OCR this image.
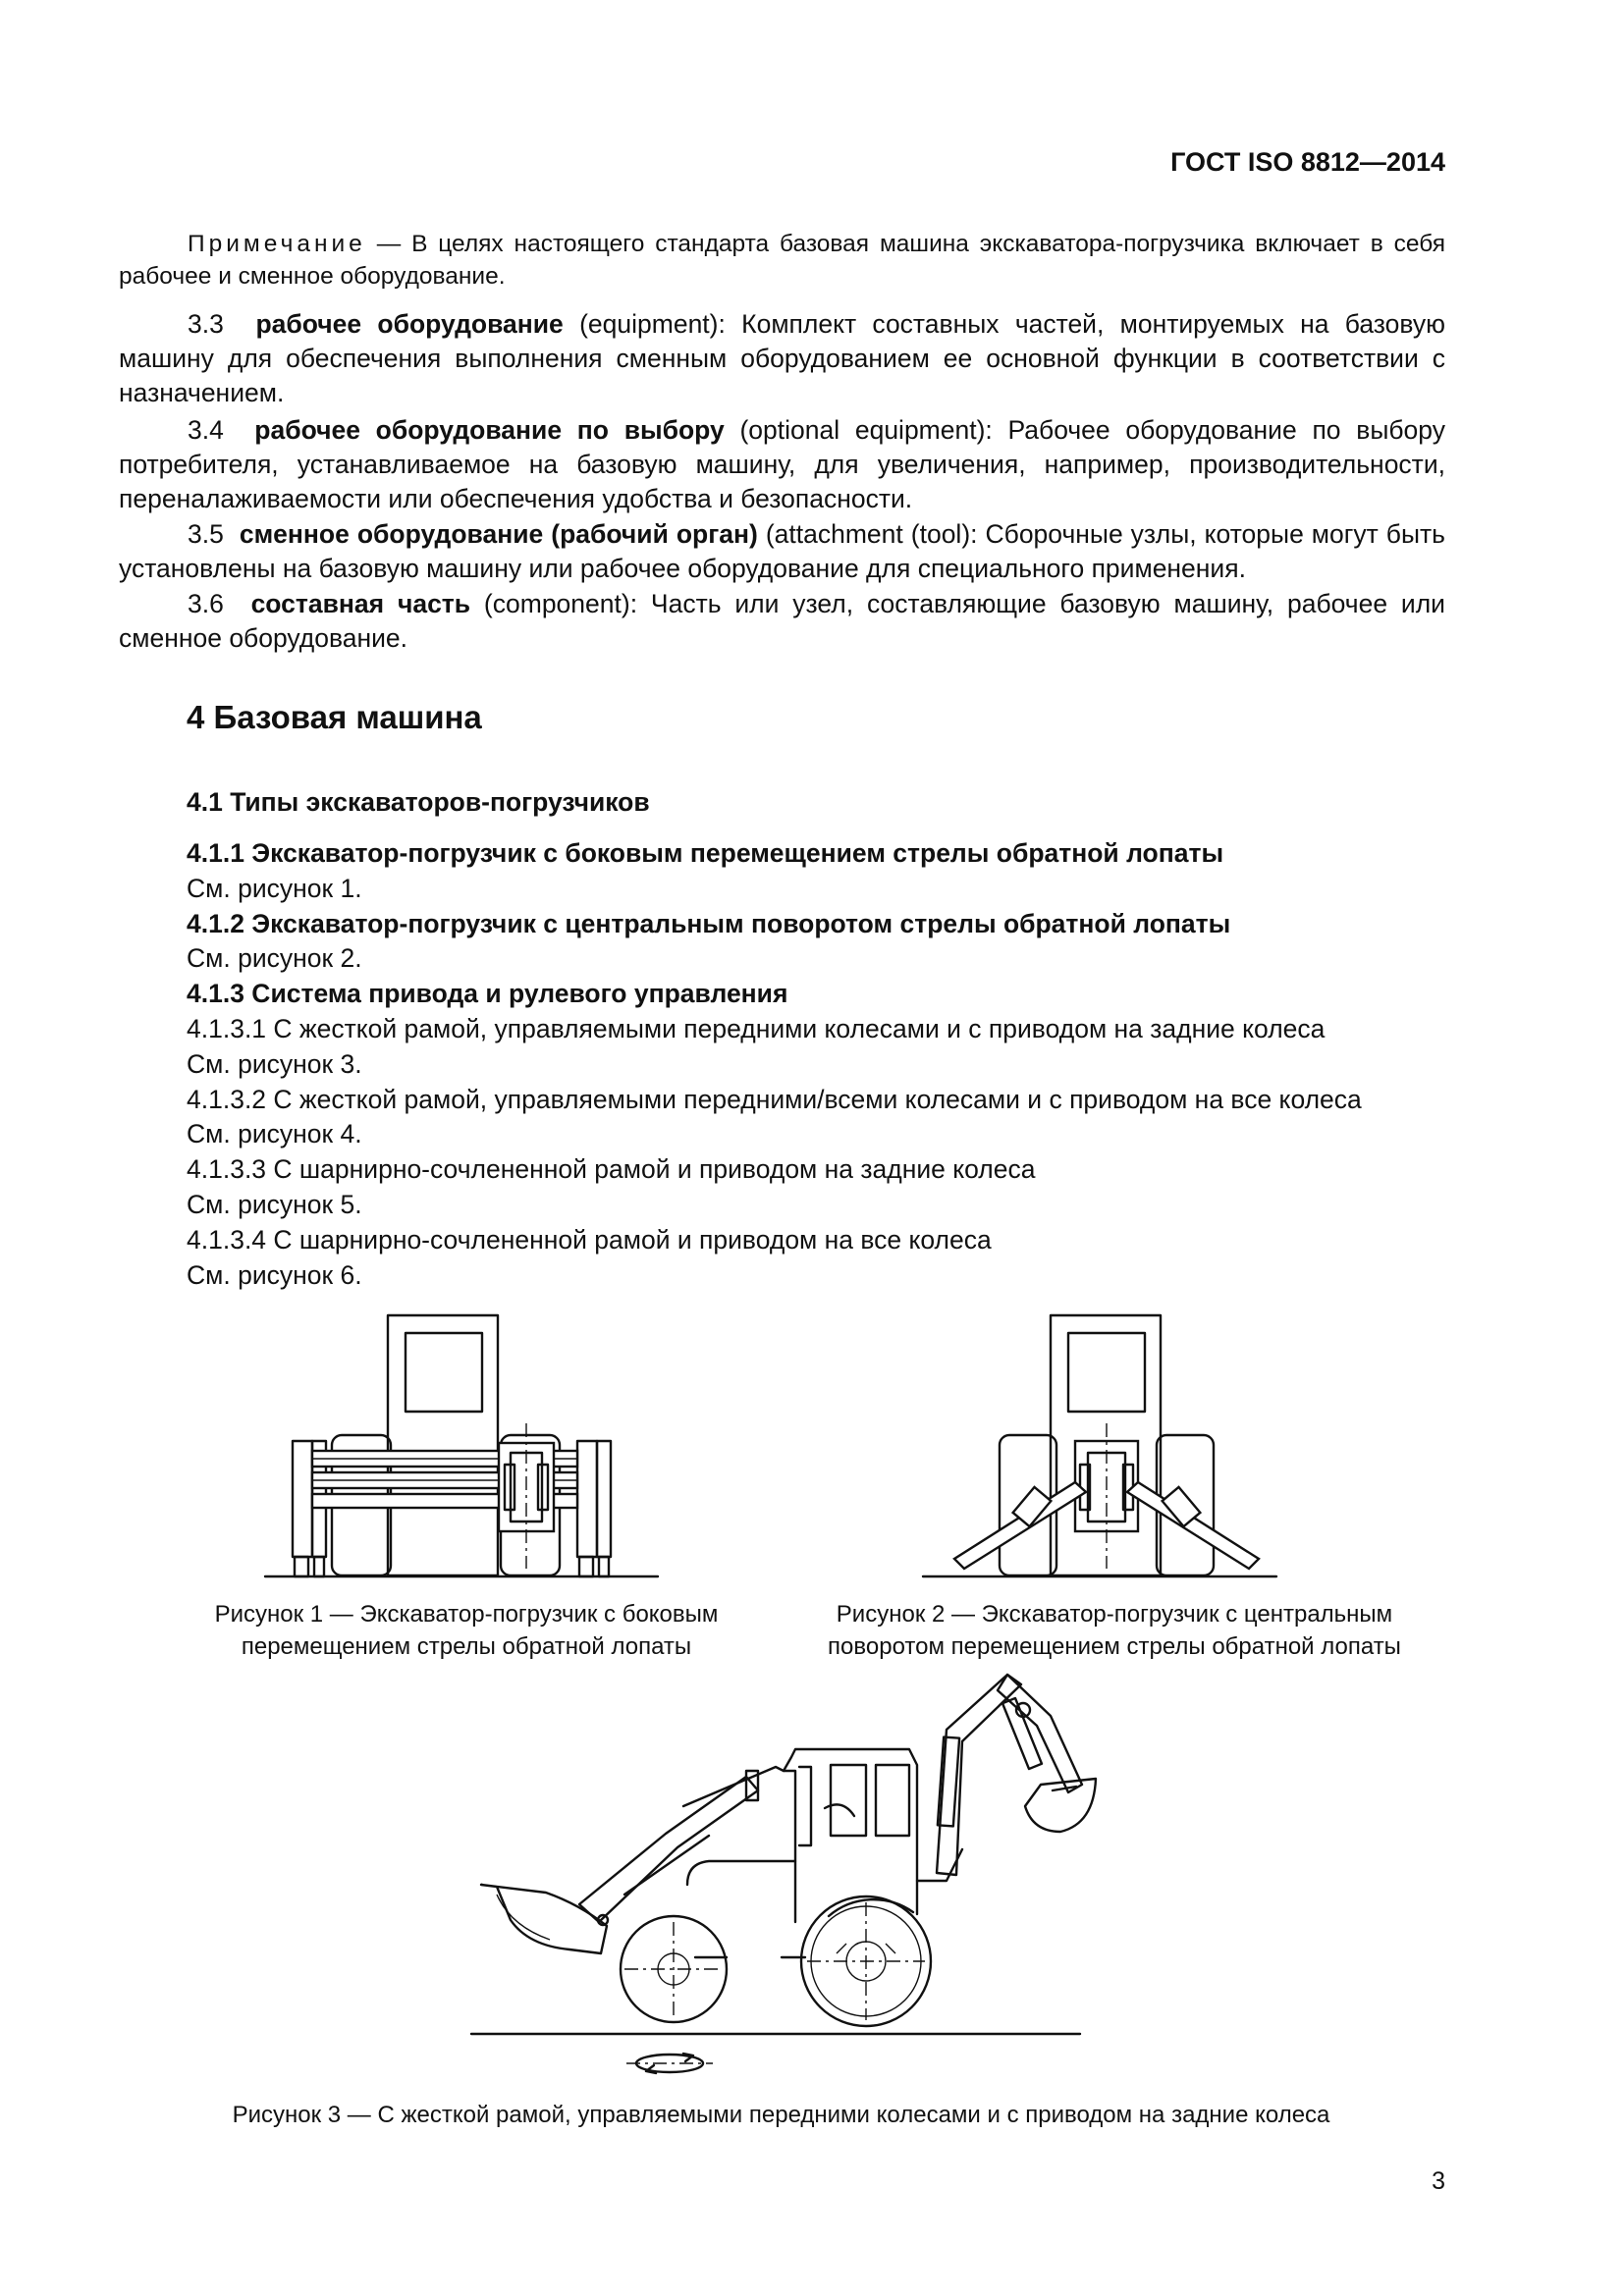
ГОСТ ISO 8812—2014
Примечание — В целях настоящего стандарта базовая машина экскаватора-погрузчика включает в себя рабочее и сменное оборудование.
3.3 рабочее оборудование (equipment): Комплект составных частей, монтируемых на базовую машину для обеспечения выполнения сменным оборудованием ее основной функции в соответствии с назначением.
3.4 рабочее оборудование по выбору (optional equipment): Рабочее оборудование по выбору потребителя, устанавливаемое на базовую машину, для увеличения, например, производительности, переналаживаемости или обеспечения удобства и безопасности.
3.5 сменное оборудование (рабочий орган) (attachment (tool): Сборочные узлы, которые могут быть установлены на базовую машину или рабочее оборудование для специального применения.
3.6 составная часть (component): Часть или узел, составляющие базовую машину, рабочее или сменное оборудование.
4 Базовая машина
4.1 Типы экскаваторов-погрузчиков
4.1.1 Экскаватор-погрузчик с боковым перемещением стрелы обратной лопаты
См. рисунок 1.
4.1.2 Экскаватор-погрузчик с центральным поворотом стрелы обратной лопаты
См. рисунок 2.
4.1.3 Система привода и рулевого управления
4.1.3.1 С жесткой рамой, управляемыми передними колесами и с приводом на задние колеса
См. рисунок 3.
4.1.3.2 С жесткой рамой, управляемыми передними/всеми колесами и с приводом на все колеса
См. рисунок 4.
4.1.3.3 С шарнирно-сочлененной рамой и приводом на задние колеса
См. рисунок 5.
4.1.3.4 С шарнирно-сочлененной рамой и приводом на все колеса
См. рисунок 6.
Рисунок 1 — Экскаватор-погрузчик с боковым
перемещением стрелы обратной лопаты
Рисунок 2 — Экскаватор-погрузчик с центральным
поворотом перемещением стрелы обратной лопаты
Рисунок 3 — С жесткой рамой, управляемыми передними колесами и с приводом на задние колеса
3
